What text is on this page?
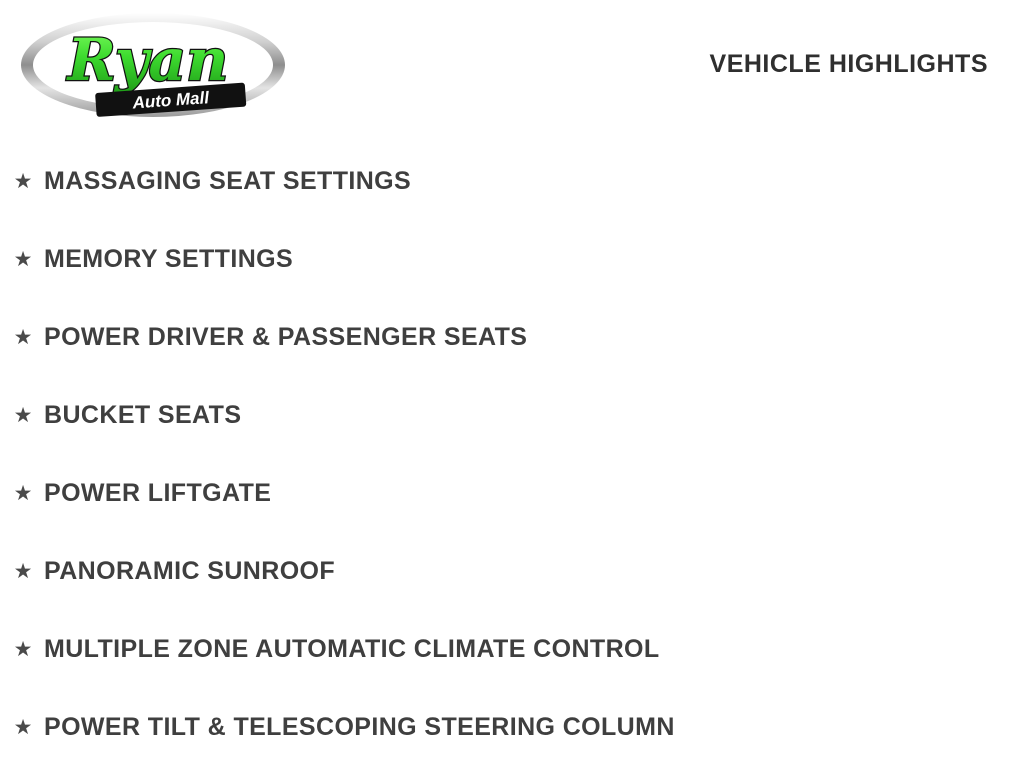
Ryan
Auto Mall
VEHICLE HIGHLIGHTS
★ MASSAGING SEAT SETTINGS
★ MEMORY SETTINGS
★ POWER DRIVER & PASSENGER SEATS
★ BUCKET SEATS
★ POWER LIFTGATE
★ PANORAMIC SUNROOF
★ MULTIPLE ZONE AUTOMATIC CLIMATE CONTROL
★ POWER TILT & TELESCOPING STEERING COLUMN
